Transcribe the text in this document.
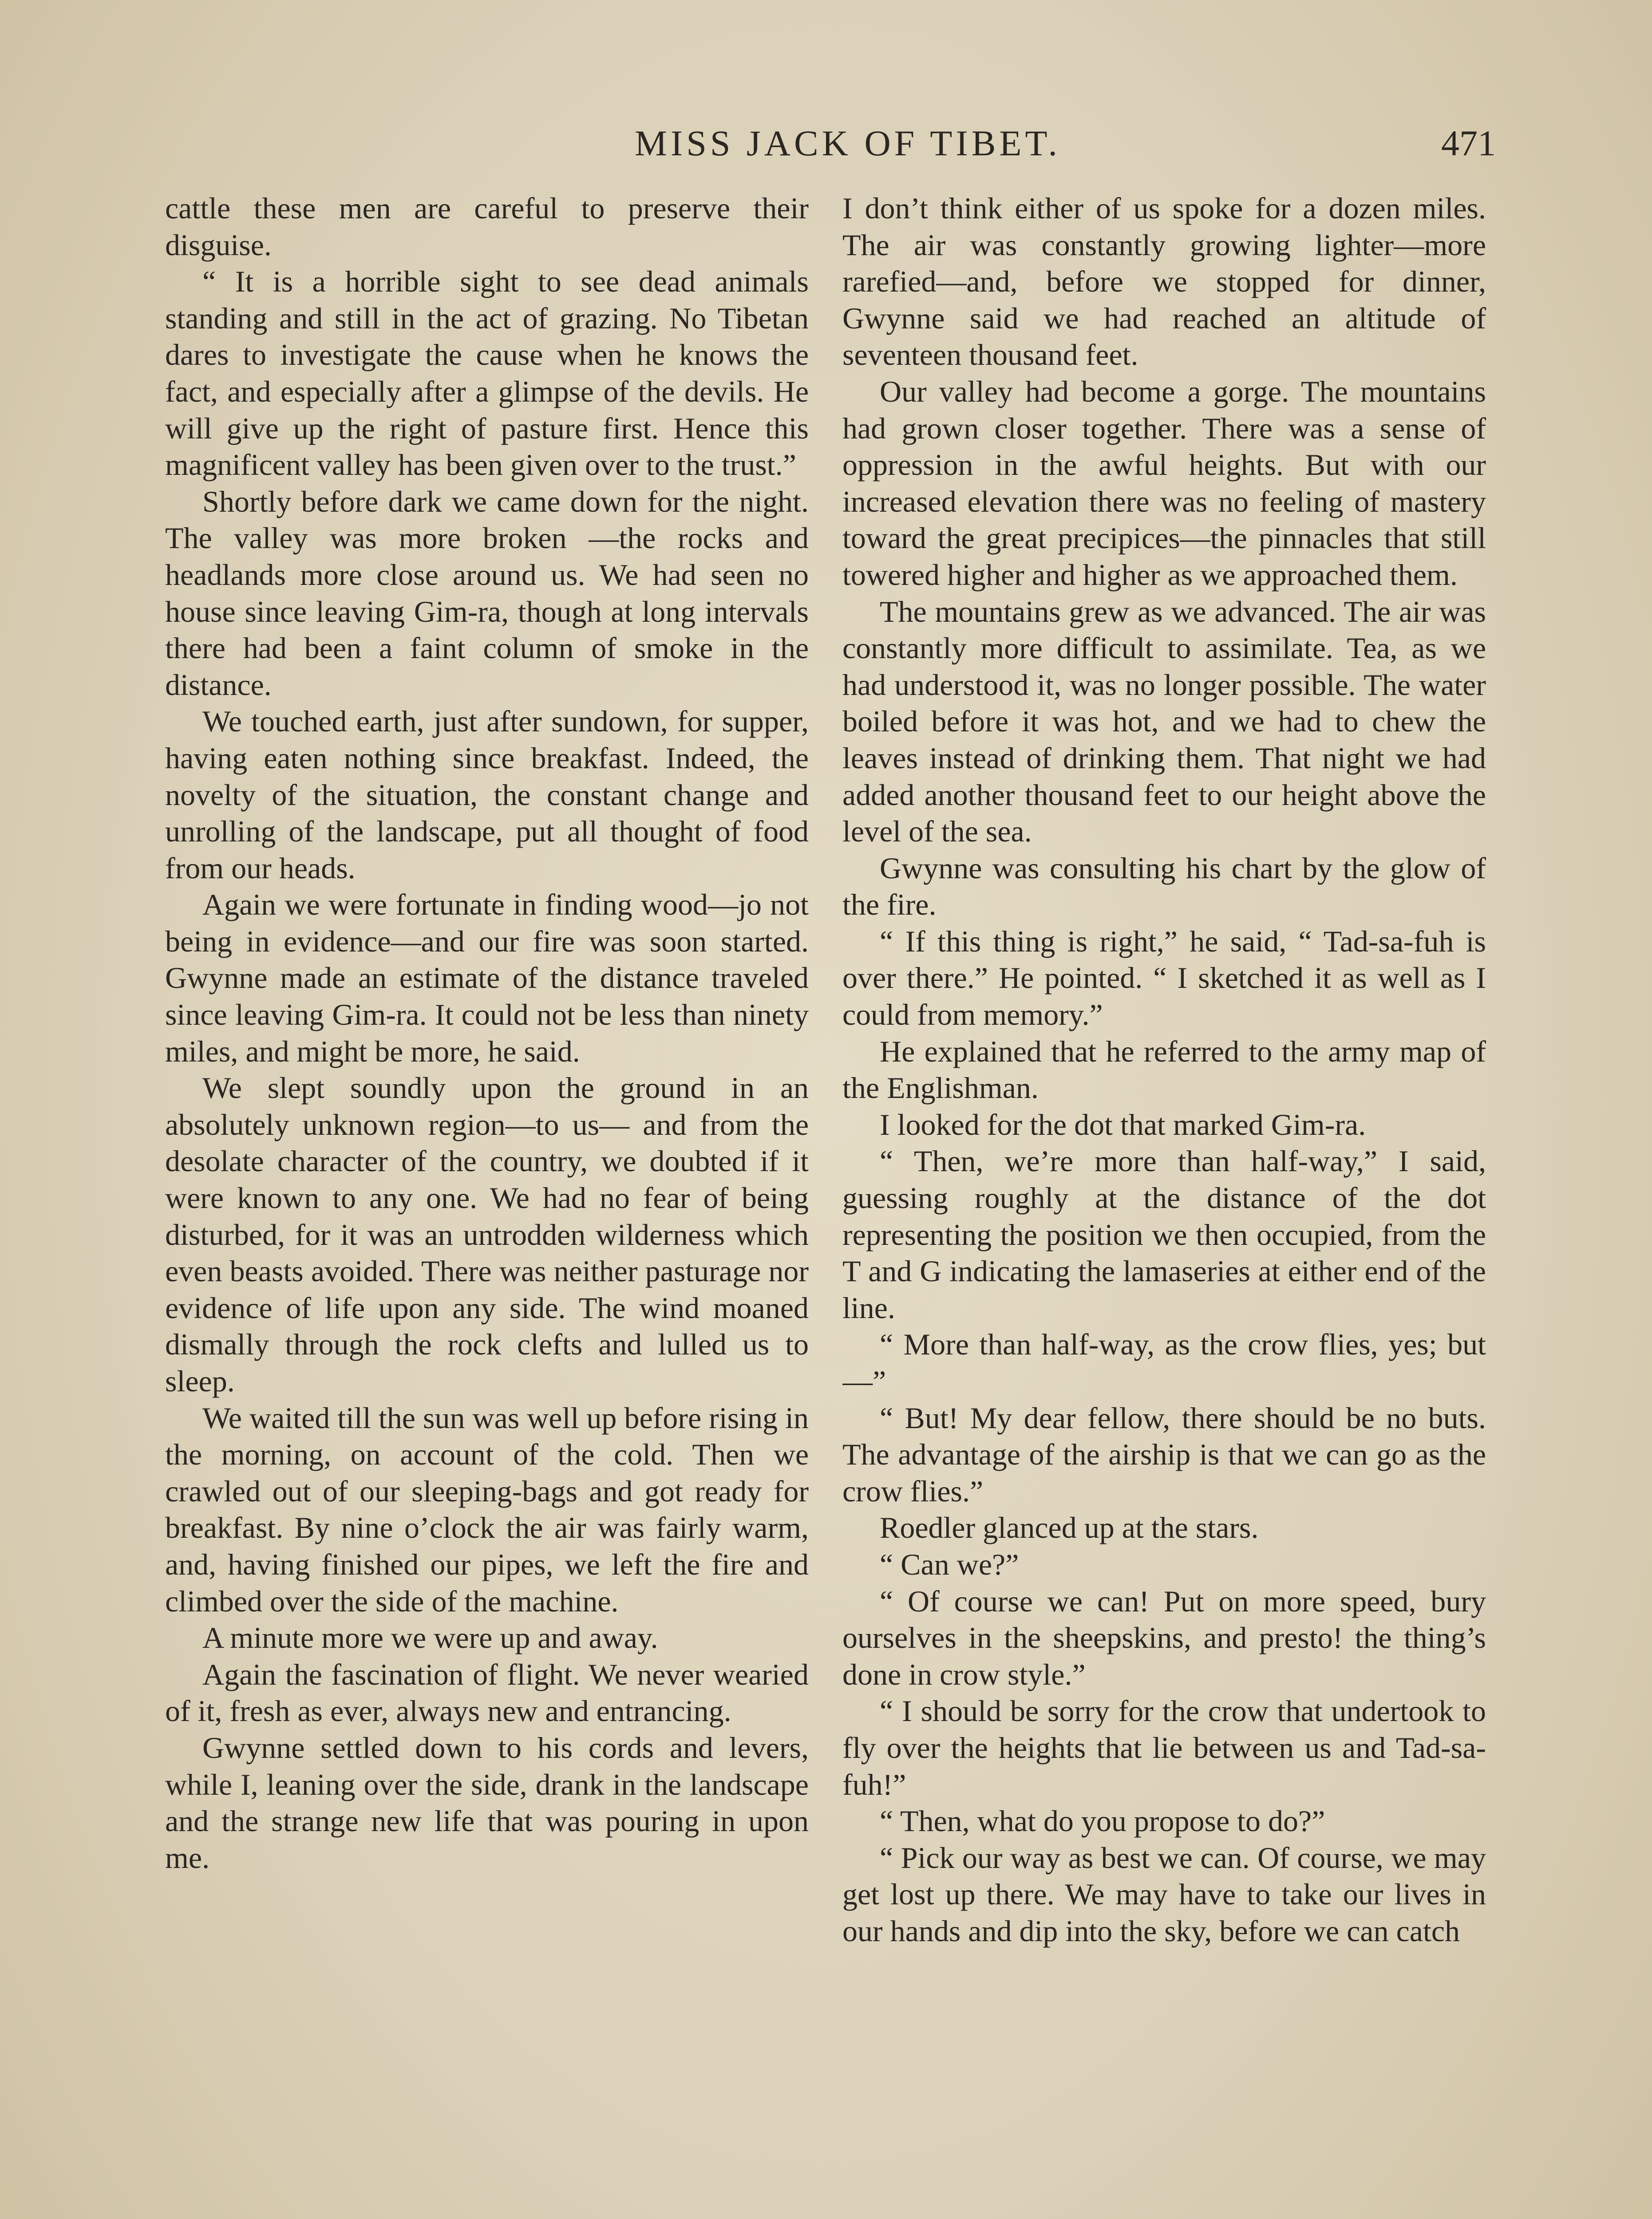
MISS JACK OF TIBET.	471

cattle these men are careful to preserve their disguise.

“ It is a horrible sight to see dead animals standing and still in the act of grazing. No Tibetan dares to investigate the cause when he knows the fact, and especially after a glimpse of the devils. He will give up the right of pasture first. Hence this magnificent valley has been given over to the trust.”

Shortly before dark we came down for the night. The valley was more broken —the rocks and headlands more close around us. We had seen no house since leaving Gim-ra, though at long intervals there had been a faint column of smoke in the distance.

We touched earth, just after sundown, for supper, having eaten nothing since breakfast. Indeed, the novelty of the situation, the constant change and unrolling of the landscape, put all thought of food from our heads.

Again we were fortunate in finding wood—jo not being in evidence—and our fire was soon started. Gwynne made an estimate of the distance traveled since leaving Gim-ra. It could not be less than ninety miles, and might be more, he said.

We slept soundly upon the ground in an absolutely unknown region—to us— and from the desolate character of the country, we doubted if it were known to any one. We had no fear of being disturbed, for it was an untrodden wilderness which even beasts avoided. There was neither pasturage nor evidence of life upon any side. The wind moaned dismally through the rock clefts and lulled us to sleep.

We waited till the sun was well up before rising in the morning, on account of the cold. Then we crawled out of our sleeping-bags and got ready for breakfast. By nine o’clock the air was fairly warm, and, having finished our pipes, we left the fire and climbed over the side of the machine.

A minute more we were up and away.

Again the fascination of flight. We never wearied of it, fresh as ever, always new and entrancing.

Gwynne settled down to his cords and levers, while I, leaning over the side, drank in the landscape and the strange new life that was pouring in upon me.

I don’t think either of us spoke for a dozen miles. The air was constantly growing lighter—more rarefied—and, before we stopped for dinner, Gwynne said we had reached an altitude of seventeen thousand feet.

Our valley had become a gorge. The mountains had grown closer together. There was a sense of oppression in the awful heights. But with our increased elevation there was no feeling of mastery toward the great precipices—the pinnacles that still towered higher and higher as we approached them.

The mountains grew as we advanced. The air was constantly more difficult to assimilate. Tea, as we had understood it, was no longer possible. The water boiled before it was hot, and we had to chew the leaves instead of drinking them. That night we had added another thousand feet to our height above the level of the sea.

Gwynne was consulting his chart by the glow of the fire.

“ If this thing is right,” he said, “ Tad-sa-fuh is over there.” He pointed. “ I sketched it as well as I could from memory.”

He explained that he referred to the army map of the Englishman.

I looked for the dot that marked Gim-ra.

“ Then, we’re more than half-way,” I said, guessing roughly at the distance of the dot representing the position we then occupied, from the T and G indicating the lamaseries at either end of the line.

“ More than half-way, as the crow flies, yes; but—”

“ But! My dear fellow, there should be no buts. The advantage of the airship is that we can go as the crow flies.”

Roedler glanced up at the stars.

“ Can we?”

“ Of course we can! Put on more speed, bury ourselves in the sheepskins, and presto! the thing’s done in crow style.”

“ I should be sorry for the crow that undertook to fly over the heights that lie between us and Tad-sa-fuh!”

“ Then, what do you propose to do?”

“ Pick our way as best we can. Of course, we may get lost up there. We may have to take our lives in our hands and dip into the sky, before we can catch
